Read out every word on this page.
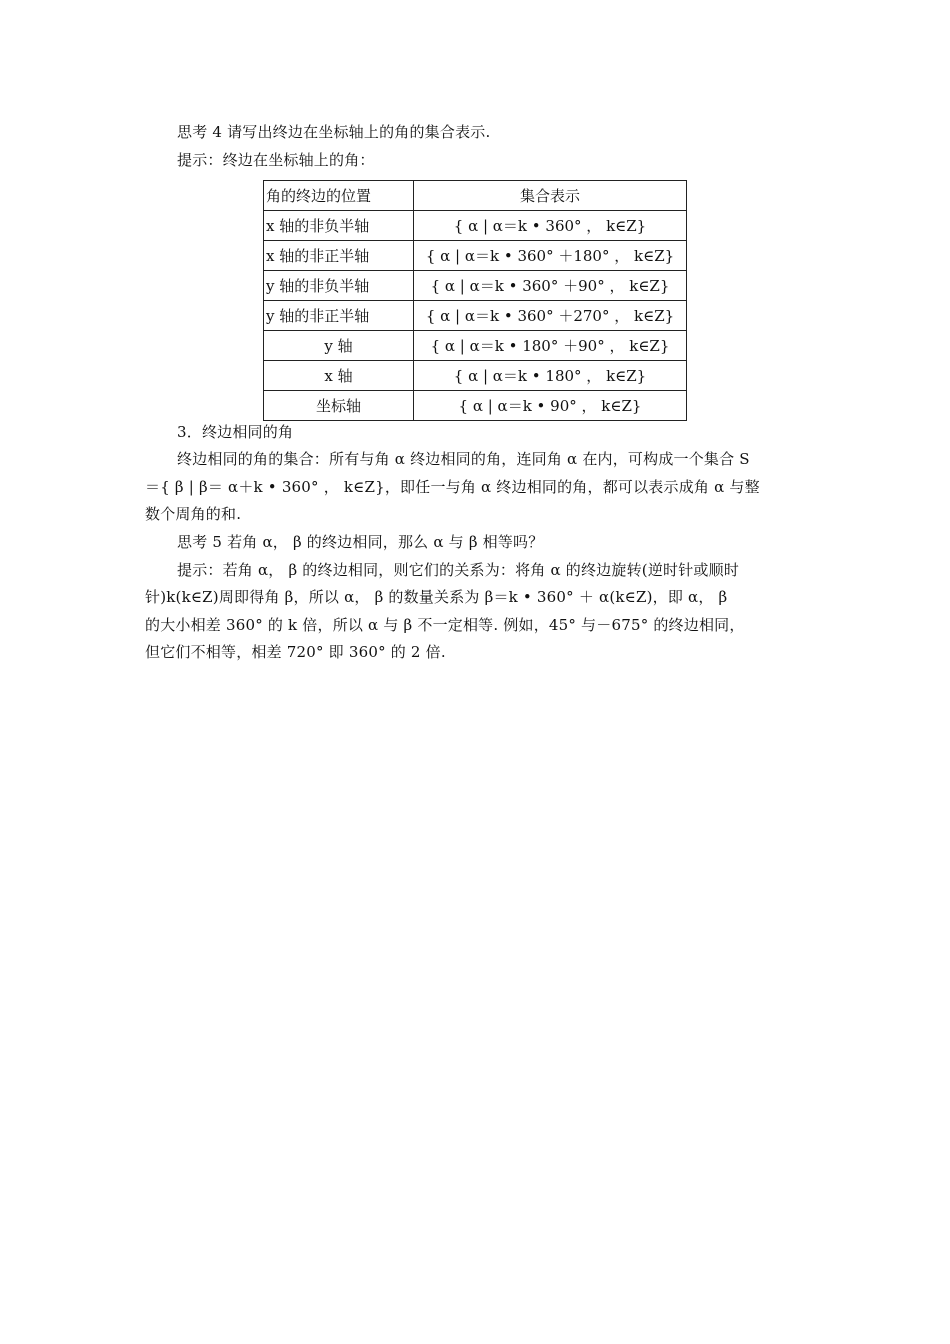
思考 4 请写出终边在坐标轴上的角的集合表示.
提示：终边在坐标轴上的角：
角的终边的位置	集合表示
x 轴的非负半轴	{ α | α＝k • 360° ， k∈Z}
x 轴的非正半轴	{ α | α＝k • 360° ＋180° ， k∈Z}
y 轴的非负半轴	{ α | α＝k • 360° ＋90° ， k∈Z}
y 轴的非正半轴	{ α | α＝k • 360° ＋270° ， k∈Z}
y 轴	{ α | α＝k • 180° ＋90° ， k∈Z}
x 轴	{ α | α＝k • 180° ， k∈Z}
坐标轴	{ α | α＝k • 90° ， k∈Z}
3．终边相同的角
终边相同的角的集合：所有与角 α 终边相同的角，连同角 α 在内，可构成一个集合 S
＝{ β | β＝ α＋k • 360° ， k∈Z}，即任一与角 α 终边相同的角，都可以表示成角 α 与整
数个周角的和.
思考 5 若角 α， β 的终边相同，那么 α 与 β 相等吗？
提示：若角 α， β 的终边相同，则它们的关系为：将角 α 的终边旋转(逆时针或顺时
针)k(k∈Z)周即得角 β，所以 α， β 的数量关系为 β＝k • 360° ＋ α(k∈Z)，即 α， β
的大小相差 360° 的 k 倍，所以 α 与 β 不一定相等. 例如，45° 与－675° 的终边相同，
但它们不相等，相差 720° 即 360° 的 2 倍.
